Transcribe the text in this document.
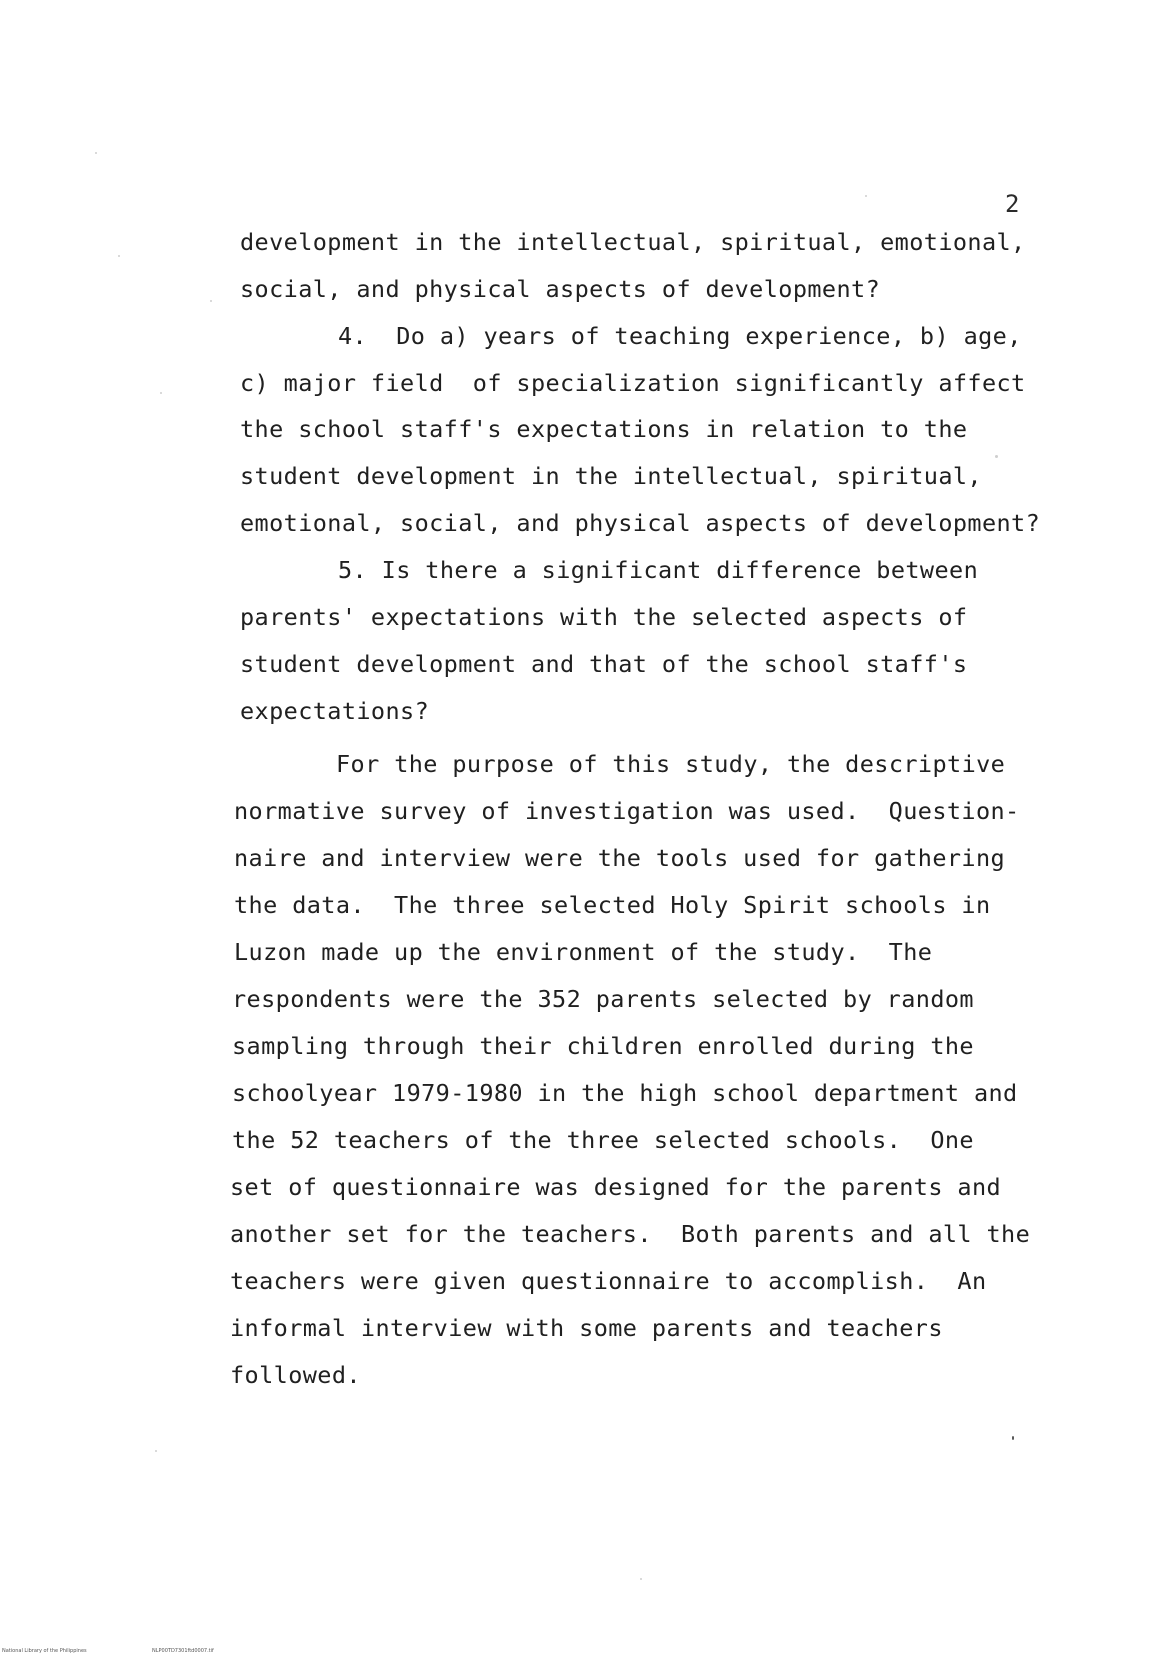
2
development in the intellectual, spiritual, emotional,
social, and physical aspects of development?
4.  Do a) years of teaching experience, b) age,
c) major field  of specialization significantly affect
the school staff's expectations in relation to the
student development in the intellectual, spiritual,
emotional, social, and physical aspects of development?
5. Is there a significant difference between
parents' expectations with the selected aspects of
student development and that of the school staff's
expectations?
For the purpose of this study, the descriptive
normative survey of investigation was used.  Question-
naire and interview were the tools used for gathering
the data.  The three selected Holy Spirit schools in
Luzon made up the environment of the study.  The
respondents were the 352 parents selected by random
sampling through their children enrolled during the
schoolyear 1979-1980 in the high school department and
the 52 teachers of the three selected schools.  One
set of questionnaire was designed for the parents and
another set for the teachers.  Both parents and all the
teachers were given questionnaire to accomplish.  An
informal interview with some parents and teachers
followed.
National Library of the Philippines	NLP00TD7301ftd0007.tif
